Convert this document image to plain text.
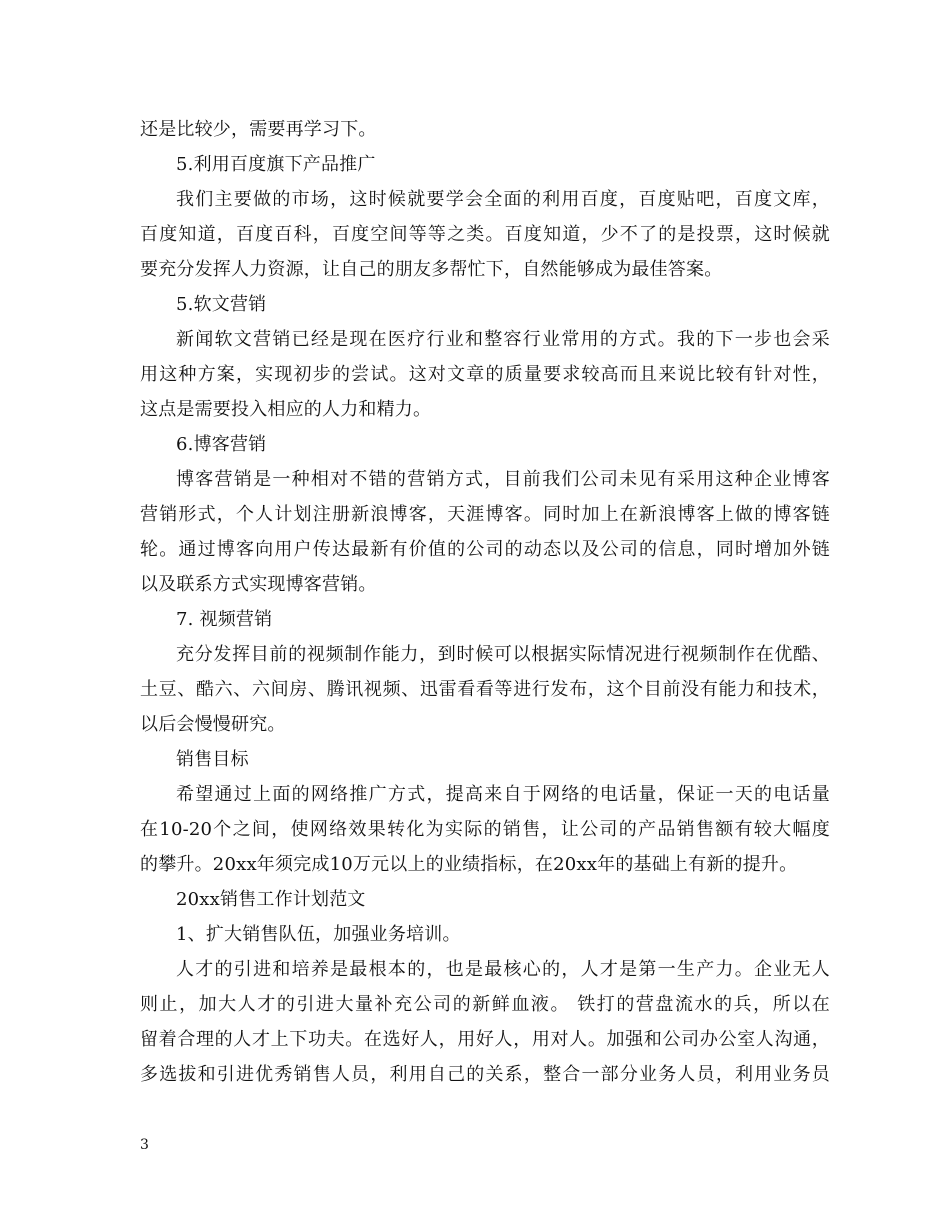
还是比较少，需要再学习下。
5.利用百度旗下产品推广
我们主要做的市场，这时候就要学会全面的利用百度，百度贴吧，百度文库，
百度知道，百度百科，百度空间等等之类。百度知道，少不了的是投票，这时候就
要充分发挥人力资源，让自己的朋友多帮忙下，自然能够成为最佳答案。
5.软文营销
新闻软文营销已经是现在医疗行业和整容行业常用的方式。我的下一步也会采
用这种方案，实现初步的尝试。这对文章的质量要求较高而且来说比较有针对性，
这点是需要投入相应的人力和精力。
6.博客营销
博客营销是一种相对不错的营销方式，目前我们公司未见有采用这种企业博客
营销形式，个人计划注册新浪博客，天涯博客。同时加上在新浪博客上做的博客链
轮。通过博客向用户传达最新有价值的公司的动态以及公司的信息，同时增加外链
以及联系方式实现博客营销。
7. 视频营销
充分发挥目前的视频制作能力，到时候可以根据实际情况进行视频制作在优酷、
土豆、酷六、六间房、腾讯视频、迅雷看看等进行发布，这个目前没有能力和技术，
以后会慢慢研究。
销售目标
希望通过上面的网络推广方式，提高来自于网络的电话量，保证一天的电话量
在10-20个之间，使网络效果转化为实际的销售，让公司的产品销售额有较大幅度
的攀升。20xx年须完成10万元以上的业绩指标，在20xx年的基础上有新的提升。
20xx销售工作计划范文
1、扩大销售队伍，加强业务培训。
人才的引进和培养是最根本的，也是最核心的，人才是第一生产力。企业无人
则止，加大人才的引进大量补充公司的新鲜血液。 铁打的营盘流水的兵，所以在
留着合理的人才上下功夫。在选好人，用好人，用对人。加强和公司办公室人沟通，
多选拔和引进优秀销售人员，利用自己的关系，整合一部分业务人员，利用业务员
3
